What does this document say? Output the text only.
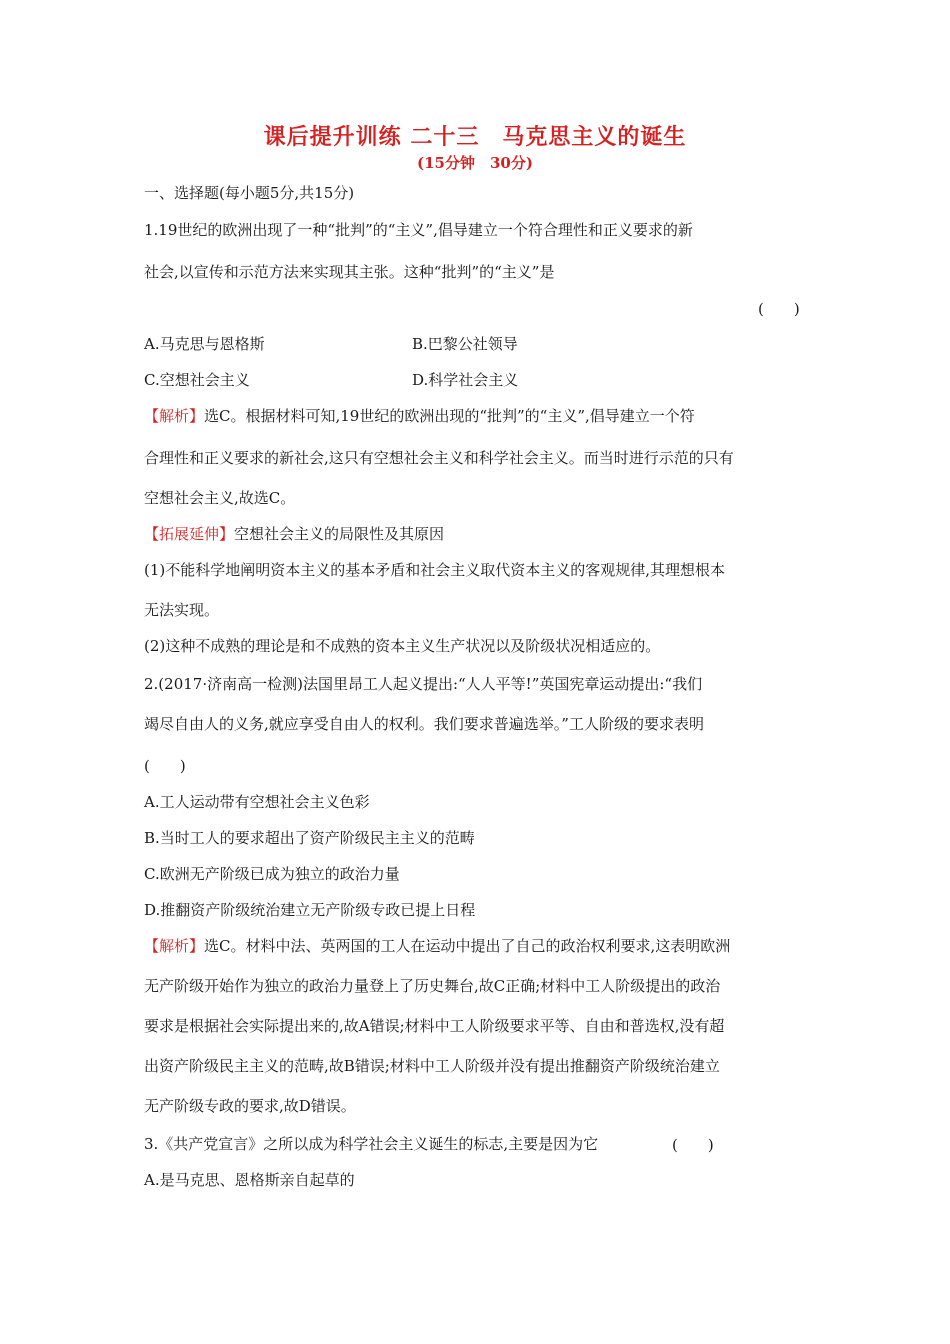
课后提升训练 二十三　马克思主义的诞生
(15分钟　30分)
一、选择题(每小题5分,共15分)
1.19世纪的欧洲出现了一种“批判”的“主义”,倡导建立一个符合理性和正义要求的新
社会,以宣传和示范方法来实现其主张。这种“批判”的“主义”是
(　　)
A.马克思与恩格斯	B.巴黎公社领导
C.空想社会主义	D.科学社会主义
【解析】选C。根据材料可知,19世纪的欧洲出现的“批判”的“主义”,倡导建立一个符
合理性和正义要求的新社会,这只有空想社会主义和科学社会主义。而当时进行示范的只有
空想社会主义,故选C。
【拓展延伸】空想社会主义的局限性及其原因
(1)不能科学地阐明资本主义的基本矛盾和社会主义取代资本主义的客观规律,其理想根本
无法实现。
(2)这种不成熟的理论是和不成熟的资本主义生产状况以及阶级状况相适应的。
2.(2017·济南高一检测)法国里昂工人起义提出:“人人平等!”英国宪章运动提出:“我们
竭尽自由人的义务,就应享受自由人的权利。我们要求普遍选举。”工人阶级的要求表明
(　　)
A.工人运动带有空想社会主义色彩
B.当时工人的要求超出了资产阶级民主主义的范畴
C.欧洲无产阶级已成为独立的政治力量
D.推翻资产阶级统治建立无产阶级专政已提上日程
【解析】选C。材料中法、英两国的工人在运动中提出了自己的政治权利要求,这表明欧洲
无产阶级开始作为独立的政治力量登上了历史舞台,故C正确;材料中工人阶级提出的政治
要求是根据社会实际提出来的,故A错误;材料中工人阶级要求平等、自由和普选权,没有超
出资产阶级民主主义的范畴,故B错误;材料中工人阶级并没有提出推翻资产阶级统治建立
无产阶级专政的要求,故D错误。
3.《共产党宣言》之所以成为科学社会主义诞生的标志,主要是因为它	(　　)
A.是马克思、恩格斯亲自起草的
